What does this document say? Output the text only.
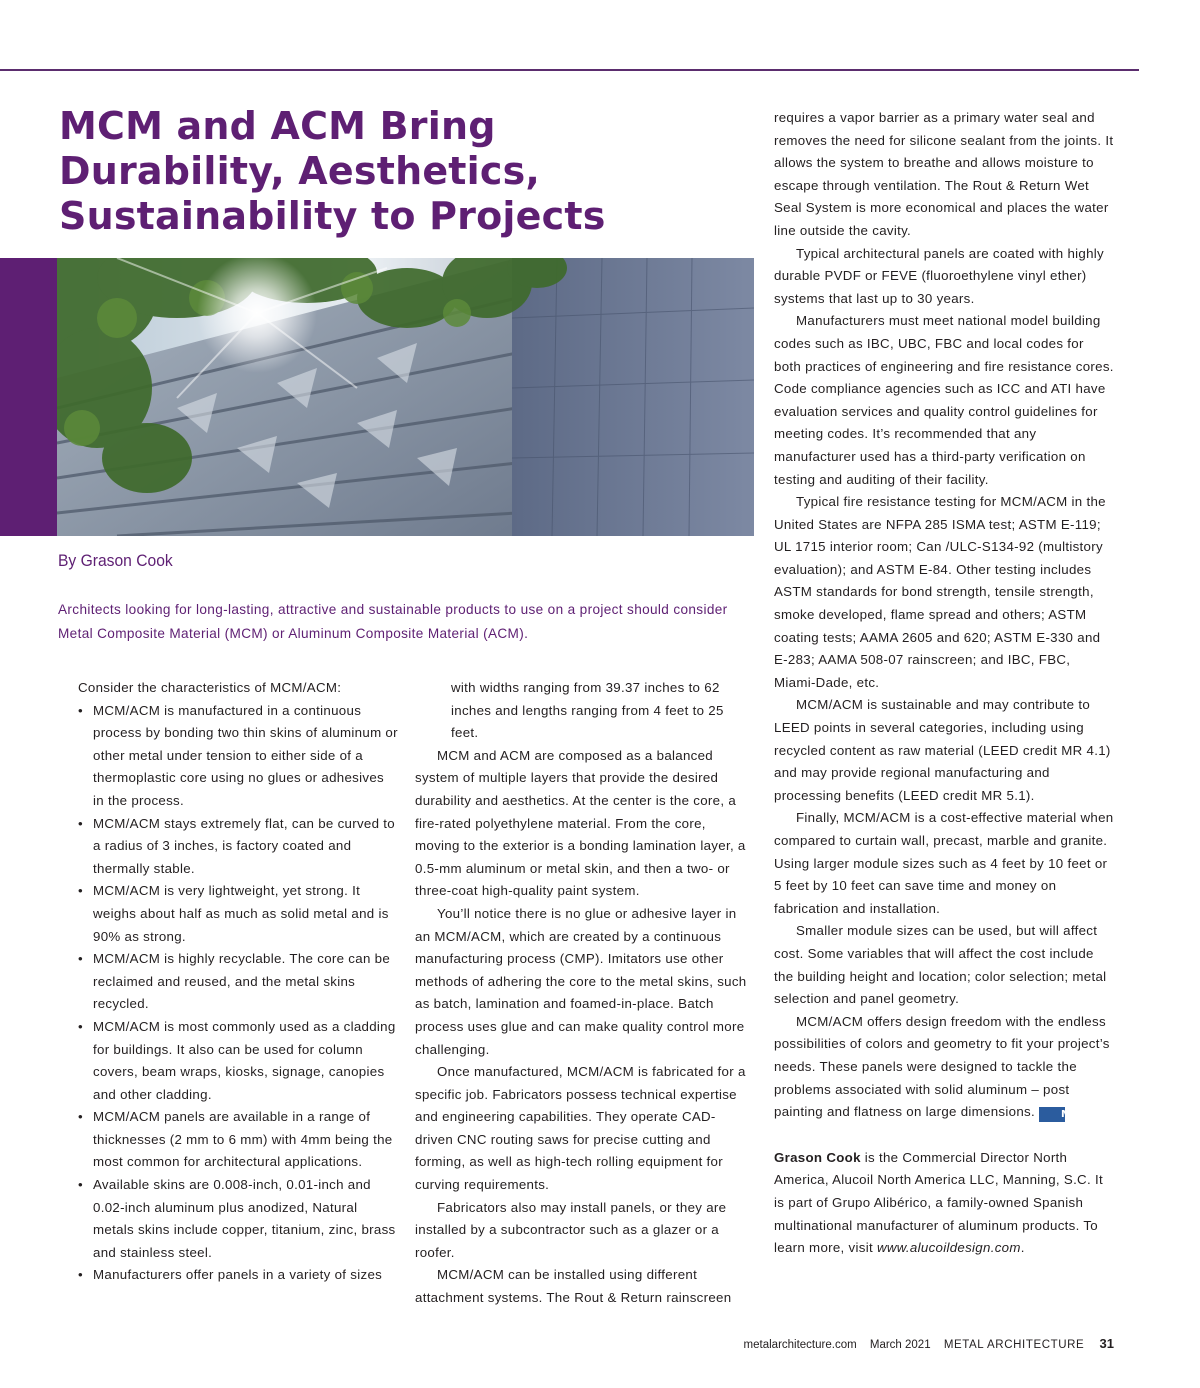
MCM and ACM Bring
Durability, Aesthetics,
Sustainability to Projects

By Grason Cook

Architects looking for long-lasting, attractive and sustainable products to use on a project should consider Metal Composite Material (MCM) or Aluminum Composite Material (ACM).

Consider the characteristics of MCM/ACM:

• MCM/ACM is manufactured in a continuous process by bonding two thin skins of aluminum or other metal under tension to either side of a thermoplastic core using no glues or adhesives in the process.
• MCM/ACM stays extremely flat, can be curved to a radius of 3 inches, is factory coated and thermally stable.
• MCM/ACM is very lightweight, yet strong. It weighs about half as much as solid metal and is 90% as strong.
• MCM/ACM is highly recyclable. The core can be reclaimed and reused, and the metal skins recycled.
• MCM/ACM is most commonly used as a cladding for buildings. It also can be used for column covers, beam wraps, kiosks, signage, canopies and other cladding.
• MCM/ACM panels are available in a range of thicknesses (2 mm to 6 mm) with 4mm being the most common for architectural applications.
• Available skins are 0.008-inch, 0.01-inch and 0.02-inch aluminum plus anodized, Natural metals skins include copper, titanium, zinc, brass and stainless steel.
• Manufacturers offer panels in a variety of sizes

with widths ranging from 39.37 inches to 62 inches and lengths ranging from 4 feet to 25 feet.

MCM and ACM are composed as a balanced system of multiple layers that provide the desired durability and aesthetics. At the center is the core, a fire-rated polyethylene material. From the core, moving to the exterior is a bonding lamination layer, a 0.5-mm aluminum or metal skin, and then a two- or three-coat high-quality paint system.

You’ll notice there is no glue or adhesive layer in an MCM/ACM, which are created by a continuous manufacturing process (CMP). Imitators use other methods of adhering the core to the metal skins, such as batch, lamination and foamed-in-place. Batch process uses glue and can make quality control more challenging.

Once manufactured, MCM/ACM is fabricated for a specific job. Fabricators possess technical expertise and engineering capabilities. They operate CAD-driven CNC routing saws for precise cutting and forming, as well as high-tech rolling equipment for curving requirements.

Fabricators also may install panels, or they are installed by a subcontractor such as a glazer or a roofer.

MCM/ACM can be installed using different attachment systems. The Rout & Return rainscreen

requires a vapor barrier as a primary water seal and removes the need for silicone sealant from the joints. It allows the system to breathe and allows moisture to escape through ventilation. The Rout & Return Wet Seal System is more economical and places the water line outside the cavity.

Typical architectural panels are coated with highly durable PVDF or FEVE (fluoroethylene vinyl ether) systems that last up to 30 years.

Manufacturers must meet national model building codes such as IBC, UBC, FBC and local codes for both practices of engineering and fire resistance cores. Code compliance agencies such as ICC and ATI have evaluation services and quality control guidelines for meeting codes. It’s recommended that any manufacturer used has a third-party verification on testing and auditing of their facility.

Typical fire resistance testing for MCM/ACM in the United States are NFPA 285 ISMA test; ASTM E-119; UL 1715 interior room; Can /ULC-S134-92 (multistory evaluation); and ASTM E-84. Other testing includes ASTM standards for bond strength, tensile strength, smoke developed, flame spread and others; ASTM coating tests; AAMA 2605 and 620; ASTM E-330 and E-283; AAMA 508-07 rainscreen; and IBC, FBC, Miami-Dade, etc.

MCM/ACM is sustainable and may contribute to LEED points in several categories, including using recycled content as raw material (LEED credit MR 4.1) and may provide regional manufacturing and processing benefits (LEED credit MR 5.1).

Finally, MCM/ACM is a cost-effective material when compared to curtain wall, precast, marble and granite. Using larger module sizes such as 4 feet by 10 feet or 5 feet by 10 feet can save time and money on fabrication and installation.

Smaller module sizes can be used, but will affect cost. Some variables that will affect the cost include the building height and location; color selection; metal selection and panel geometry.

MCM/ACM offers design freedom with the endless possibilities of colors and geometry to fit your project’s needs. These panels were designed to tackle the problems associated with solid aluminum – post painting and flatness on large dimensions.	Ma

Grason Cook is the Commercial Director North America, Alucoil North America LLC, Manning, S.C. It is part of Grupo Alibérico, a family-owned Spanish multinational manufacturer of aluminum products. To learn more, visit www.alucoildesign.com.

metalarchitecture.com March 2021 METAL ARCHITECTURE 31
